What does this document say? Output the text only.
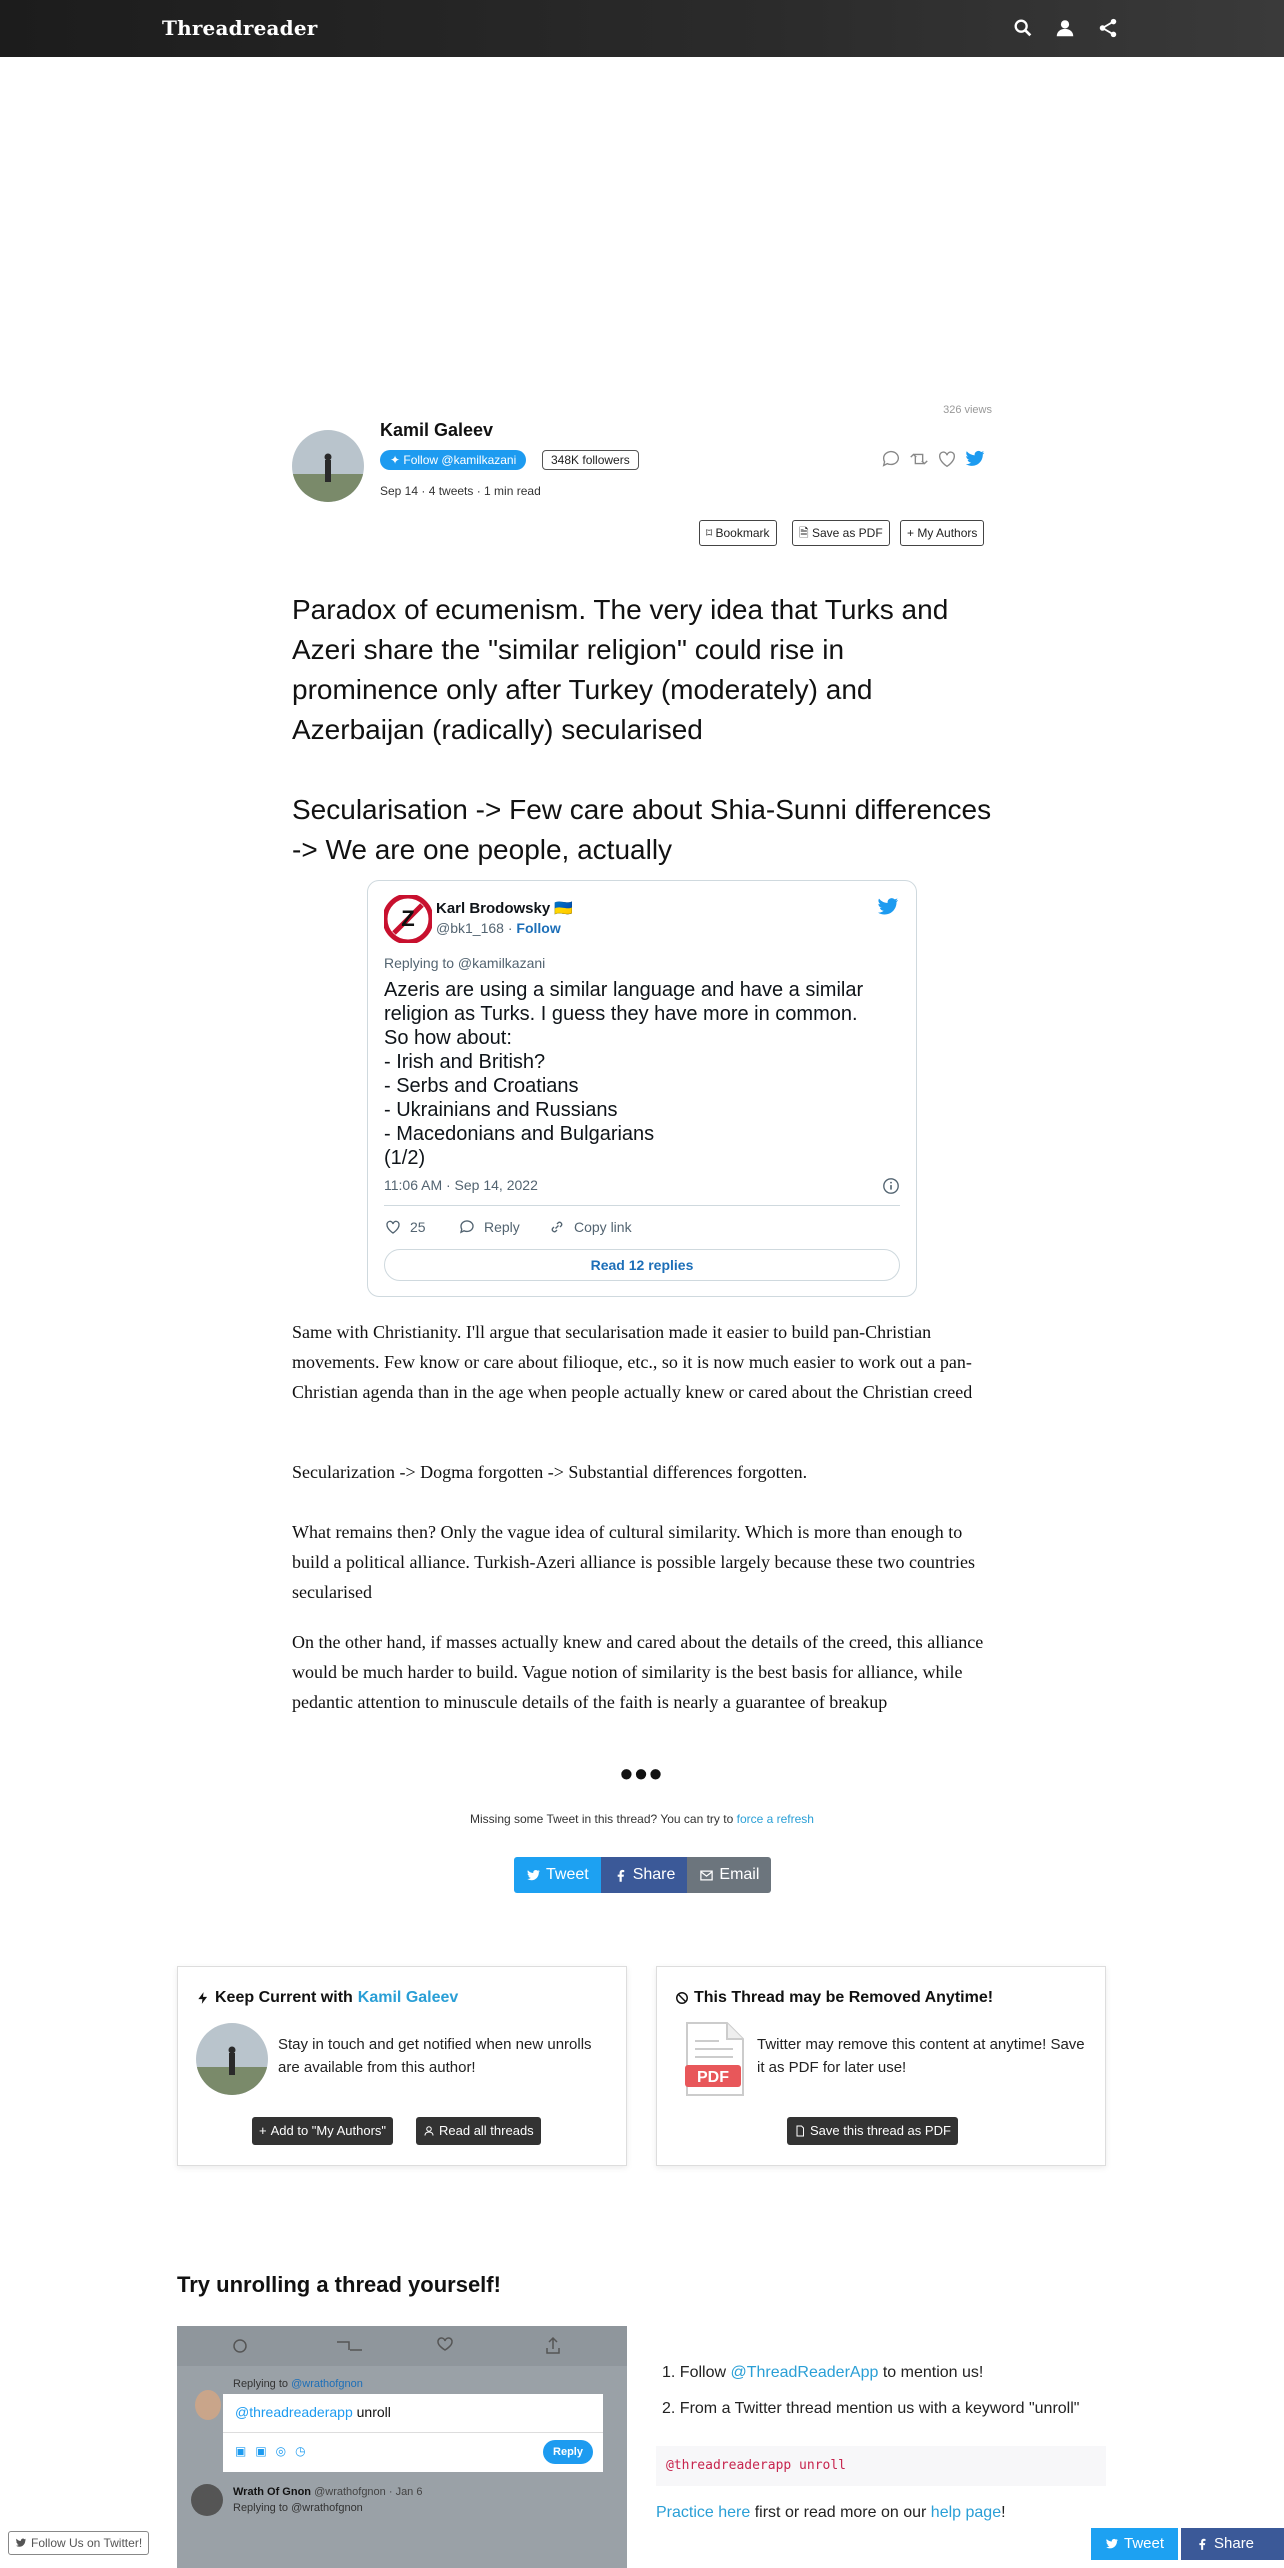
Threadreader
326 views
Kamil Galeev
✦ Follow @kamilkazani	348K followers
Sep 14 · 4 tweets · 1 min read
⌑ Bookmark	🗎 Save as PDF	+ My Authors
Paradox of ecumenism. The very idea that Turks and Azeri share the "similar religion" could rise in prominence only after Turkey (moderately) and Azerbaijan (radically) secularised
Secularisation -> Few care about Shia-Sunni differences -> We are one people, actually
Z Karl Brodowsky 🇺🇦
@bk1_168 · Follow
Replying to @kamilkazani
Azeris are using a similar language and have a similar religion as Turks. I guess they have more in common.
So how about:
- Irish and British?
- Serbs and Croatians
- Ukrainians and Russians
- Macedonians and Bulgarians
(1/2)
11:06 AM · Sep 14, 2022
25	Reply	Copy link
Read 12 replies
Same with Christianity. I'll argue that secularisation made it easier to build pan-Christian movements. Few know or care about filioque, etc., so it is now much easier to work out a pan-Christian agenda than in the age when people actually knew or cared about the Christian creed
Secularization -> Dogma forgotten -> Substantial differences forgotten.
What remains then? Only the vague idea of cultural similarity. Which is more than enough to build a political alliance. Turkish-Azeri alliance is possible largely because these two countries secularised
On the other hand, if masses actually knew and cared about the details of the creed, this alliance would be much harder to build. Vague notion of similarity is the best basis for alliance, while pedantic attention to minuscule details of the faith is nearly a guarantee of breakup
•••
Missing some Tweet in this thread? You can try to force a refresh
Tweet	Share	Email
Keep Current with Kamil Galeev
Stay in touch and get notified when new unrolls are available from this author!
+ Add to "My Authors"	Read all threads
This Thread may be Removed Anytime!
PDF
Twitter may remove this content at anytime! Save it as PDF for later use!
Save this thread as PDF
Try unrolling a thread yourself!
Replying to @wrathofgnon
@threadreaderapp unroll
▣▣◎◷	Reply
Wrath Of Gnon @wrathofgnon · Jan 6
Replying to @wrathofgnon
1. Follow @ThreadReaderApp to mention us!
2. From a Twitter thread mention us with a keyword "unroll"
@threadreaderapp unroll
Practice here first or read more on our help page!
Follow Us on Twitter!	Tweet	Share
